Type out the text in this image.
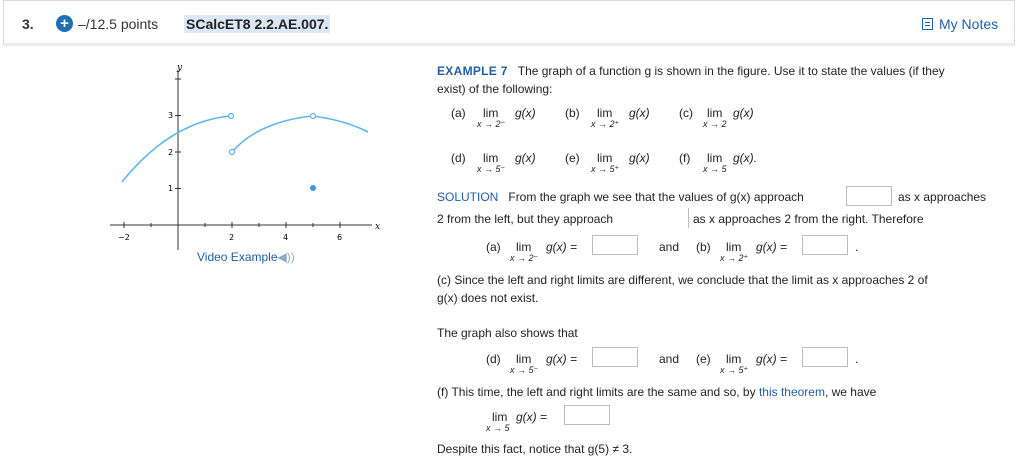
3. + –/12.5 points SCalcET8 2.2.AE.007.	My Notes
y
x
−2	2	4	6
1
2
3
Video Example◀))
EXAMPLE 7 The graph of a function g is shown in the figure. Use it to state the values (if they
exist) of the following:
(a) lim
x → 2⁻
g(x) (b) lim
x → 2⁺
g(x) (c) lim
x → 2
g(x)
(d) lim
x → 5⁻
g(x) (e) lim
x → 5⁺
g(x) (f) lim
x → 5
g(x).
SOLUTION From the graph we see that the values of g(x) approach	as x approaches
2 from the left, but they approach	as x approaches 2 from the right. Therefore
(a) lim
x → 2⁻
g(x) =	and (b) lim
x → 2⁺
g(x) =	.
(c) Since the left and right limits are different, we conclude that the limit as x approaches 2 of
g(x) does not exist.
The graph also shows that
(d) lim
x → 5⁻
g(x) =	and (e) lim
x → 5⁺
g(x) =	.
(f) This time, the left and right limits are the same and so, by this theorem, we have
lim
x → 5
g(x) =
Despite this fact, notice that g(5) ≠ 3.
